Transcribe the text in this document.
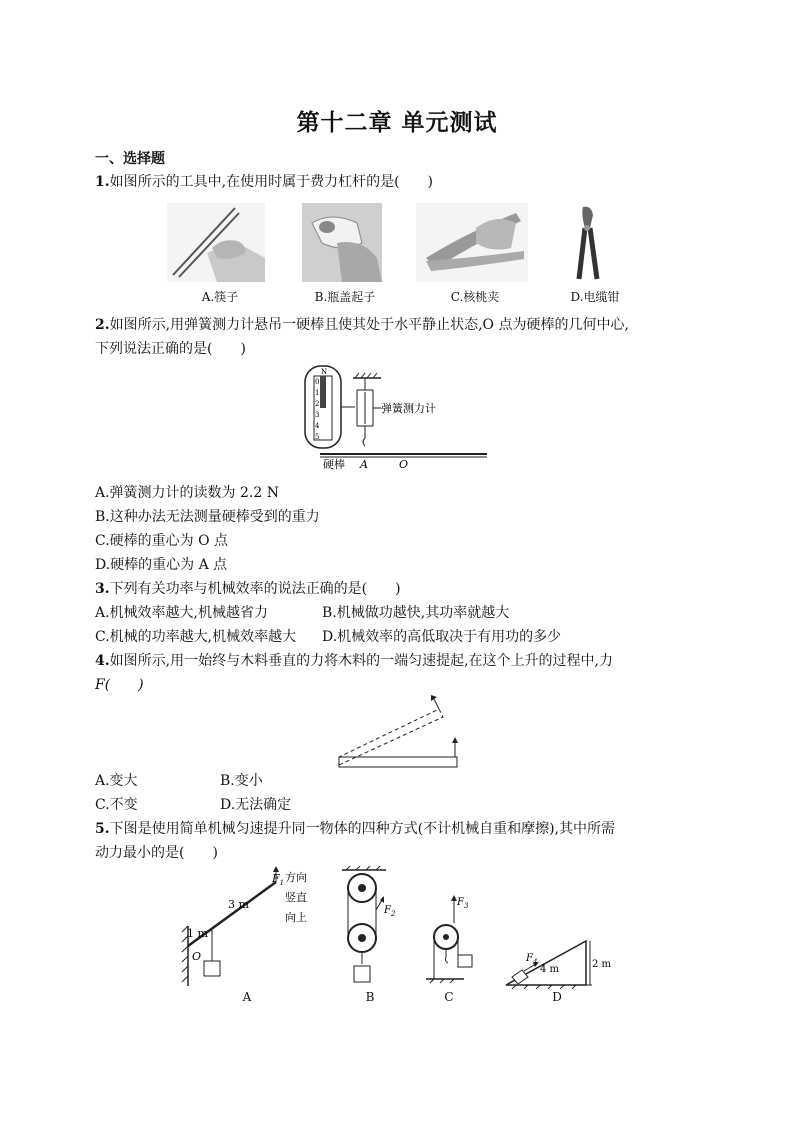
第十二章 单元测试
一、选择题
1.如图所示的工具中,在使用时属于费力杠杆的是(　　)
A.筷子	B.瓶盖起子	C.核桃夹	D.电缆钳
2.如图所示,用弹簧测力计悬吊一硬棒且使其处于水平静止状态,O 点为硬棒的几何中心,
下列说法正确的是(　　)
0
1
2
3
4
5
N
弹簧测力计
硬棒 A	O
A.弹簧测力计的读数为 2.2 N
B.这种办法无法测量硬棒受到的重力
C.硬棒的重心为 O 点
D.硬棒的重心为 A 点
3.下列有关功率与机械效率的说法正确的是(　　)
A.机械效率越大,机械越省力	B.机械做功越快,其功率就越大
C.机械的功率越大,机械效率越大 D.机械效率的高低取决于有用功的多少
4.如图所示,用一始终与木料垂直的力将木料的一端匀速提起,在这个上升的过程中,力
F(　　)
A.变大	B.变小
C.不变	D.无法确定
5.下图是使用简单机械匀速提升同一物体的四种方式(不计机械自重和摩擦),其中所需
动力最小的是(　　)
3 m
1 m
O
$F_1$ 方向
竖直
向上
A
$F_2$
B
$F_3$
C
$F_4$
4 m	2 m
D
